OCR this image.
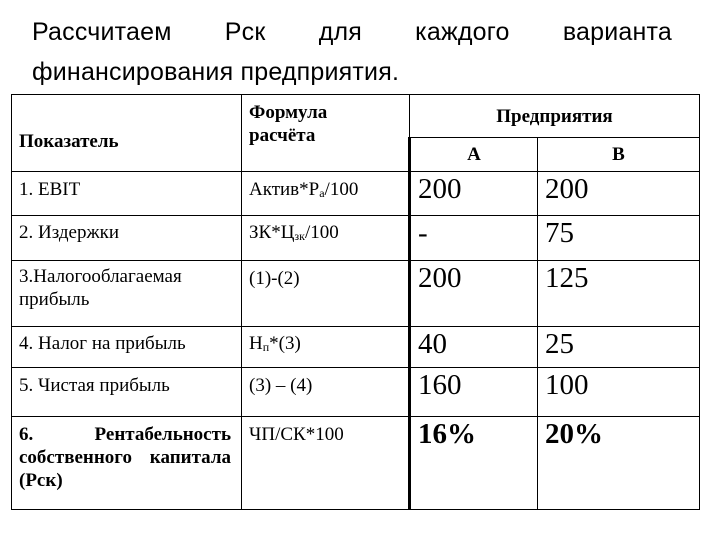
Рассчитаем Рск для каждого варианта финансирования предприятия.
Показатель	Формула расчёта	Предприятия	
		А	В
1. EBIT	$Актив*Р_а/100$	200	200
2. Издержки	$ЗК*Ц_{зк}/100$	-	75
3.Налогооблагаемая прибыль	(1)-(2)	200	125
4. Налог на прибыль	$Н_п*(3)$	40	25
5. Чистая прибыль	(3) – (4)	160	100
6. Рентабельность собственного капитала (Рск)	ЧП/СК*100	16%	20%
